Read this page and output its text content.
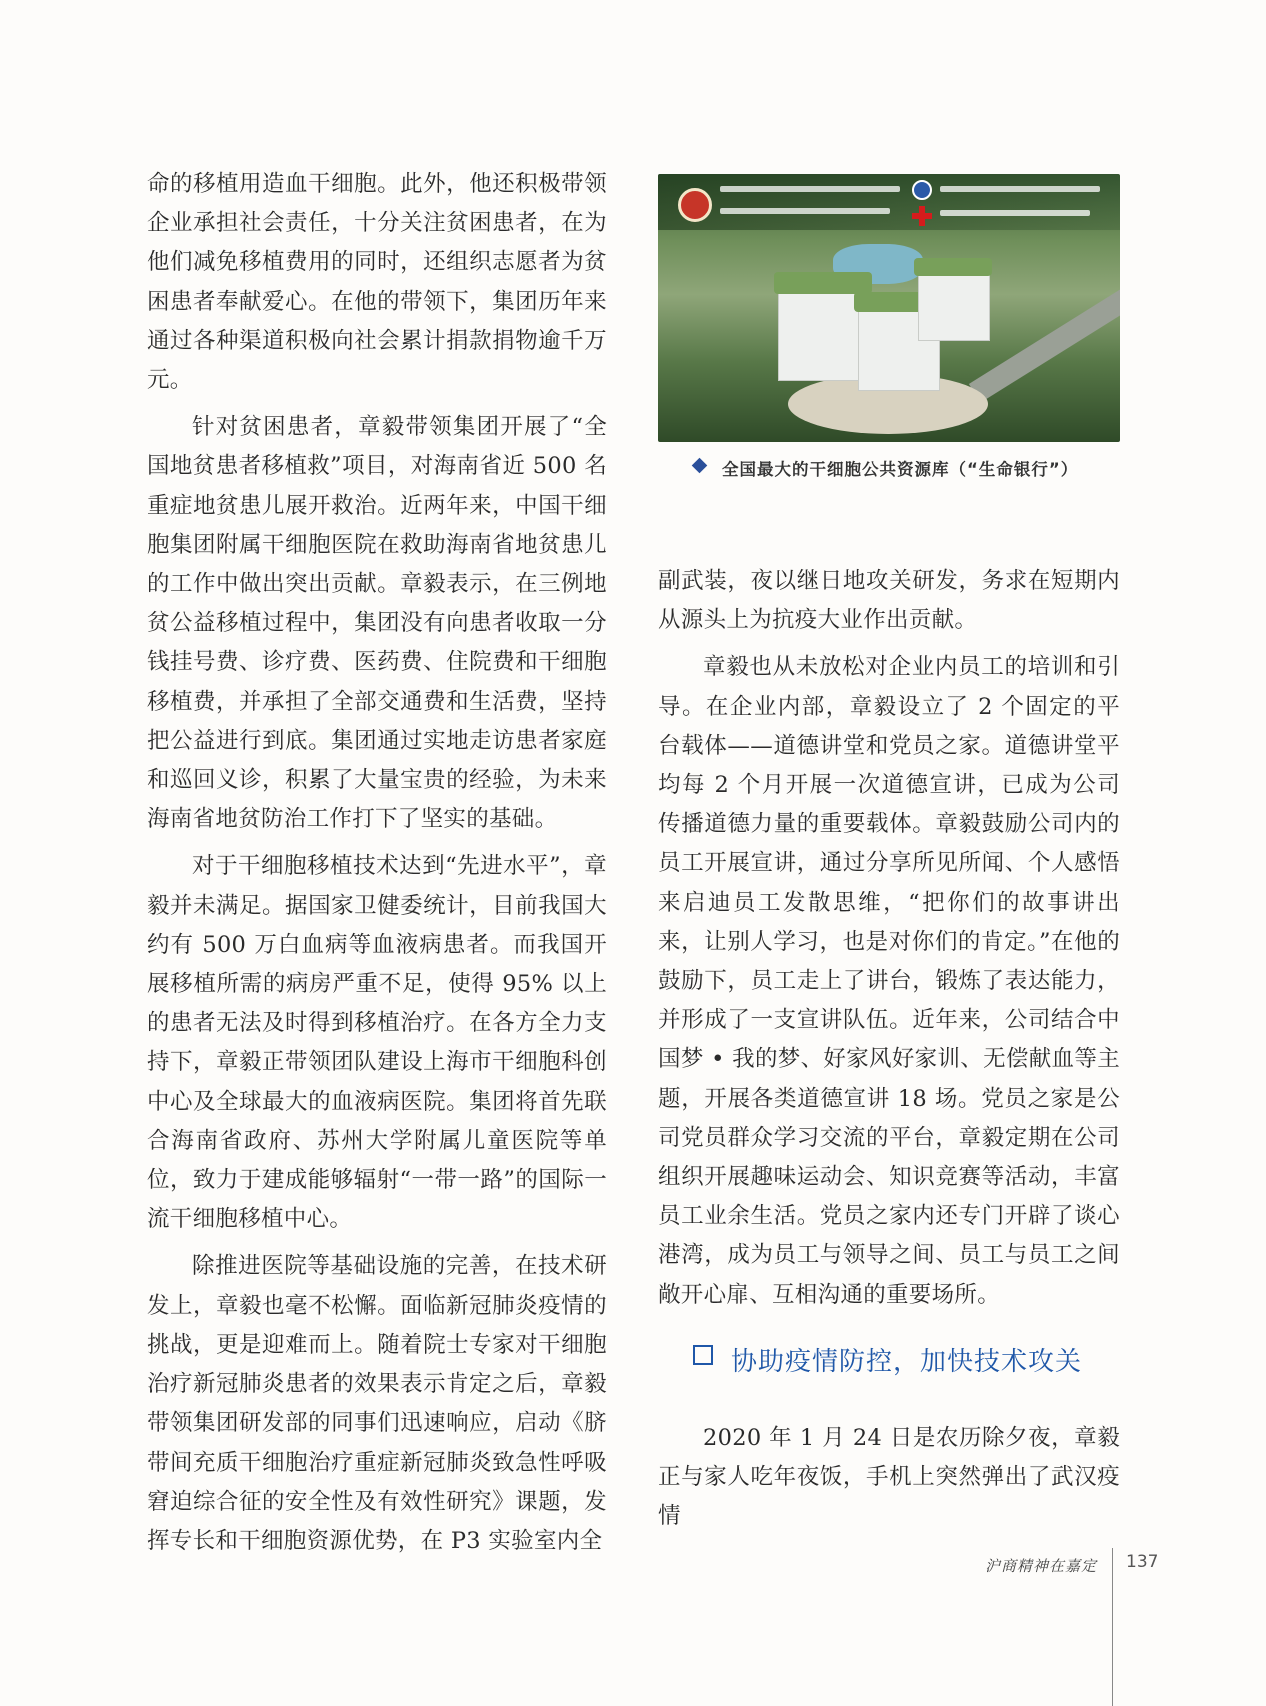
命的移植用造血干细胞。此外，他还积极带领企业承担社会责任，十分关注贫困患者，在为他们减免移植费用的同时，还组织志愿者为贫困患者奉献爱心。在他的带领下，集团历年来通过各种渠道积极向社会累计捐款捐物逾千万元。

针对贫困患者，章毅带领集团开展了“全国地贫患者移植救”项目，对海南省近 500 名重症地贫患儿展开救治。近两年来，中国干细胞集团附属干细胞医院在救助海南省地贫患儿的工作中做出突出贡献。章毅表示，在三例地贫公益移植过程中，集团没有向患者收取一分钱挂号费、诊疗费、医药费、住院费和干细胞移植费，并承担了全部交通费和生活费，坚持把公益进行到底。集团通过实地走访患者家庭和巡回义诊，积累了大量宝贵的经验，为未来海南省地贫防治工作打下了坚实的基础。

对于干细胞移植技术达到“先进水平”，章毅并未满足。据国家卫健委统计，目前我国大约有 500 万白血病等血液病患者。而我国开展移植所需的病房严重不足，使得 95% 以上的患者无法及时得到移植治疗。在各方全力支持下，章毅正带领团队建设上海市干细胞科创中心及全球最大的血液病医院。集团将首先联合海南省政府、苏州大学附属儿童医院等单位，致力于建成能够辐射“一带一路”的国际一流干细胞移植中心。

除推进医院等基础设施的完善，在技术研发上，章毅也毫不松懈。面临新冠肺炎疫情的挑战，更是迎难而上。随着院士专家对干细胞治疗新冠肺炎患者的效果表示肯定之后，章毅带领集团研发部的同事们迅速响应，启动《脐带间充质干细胞治疗重症新冠肺炎致急性呼吸窘迫综合征的安全性及有效性研究》课题，发挥专长和干细胞资源优势，在 P3 实验室内全

全国最大的干细胞公共资源库（“生命银行”）

副武装，夜以继日地攻关研发，务求在短期内从源头上为抗疫大业作出贡献。

章毅也从未放松对企业内员工的培训和引导。在企业内部，章毅设立了 2 个固定的平台载体——道德讲堂和党员之家。道德讲堂平均每 2 个月开展一次道德宣讲，已成为公司传播道德力量的重要载体。章毅鼓励公司内的员工开展宣讲，通过分享所见所闻、个人感悟来启迪员工发散思维，“把你们的故事讲出来，让别人学习，也是对你们的肯定。”在他的鼓励下，员工走上了讲台，锻炼了表达能力，并形成了一支宣讲队伍。近年来，公司结合中国梦 • 我的梦、好家风好家训、无偿献血等主题，开展各类道德宣讲 18 场。党员之家是公司党员群众学习交流的平台，章毅定期在公司组织开展趣味运动会、知识竞赛等活动，丰富员工业余生活。党员之家内还专门开辟了谈心港湾，成为员工与领导之间、员工与员工之间敞开心扉、互相沟通的重要场所。

协助疫情防控，加快技术攻关

2020 年 1 月 24 日是农历除夕夜，章毅正与家人吃年夜饭，手机上突然弹出了武汉疫情

沪商精神在嘉定 137
